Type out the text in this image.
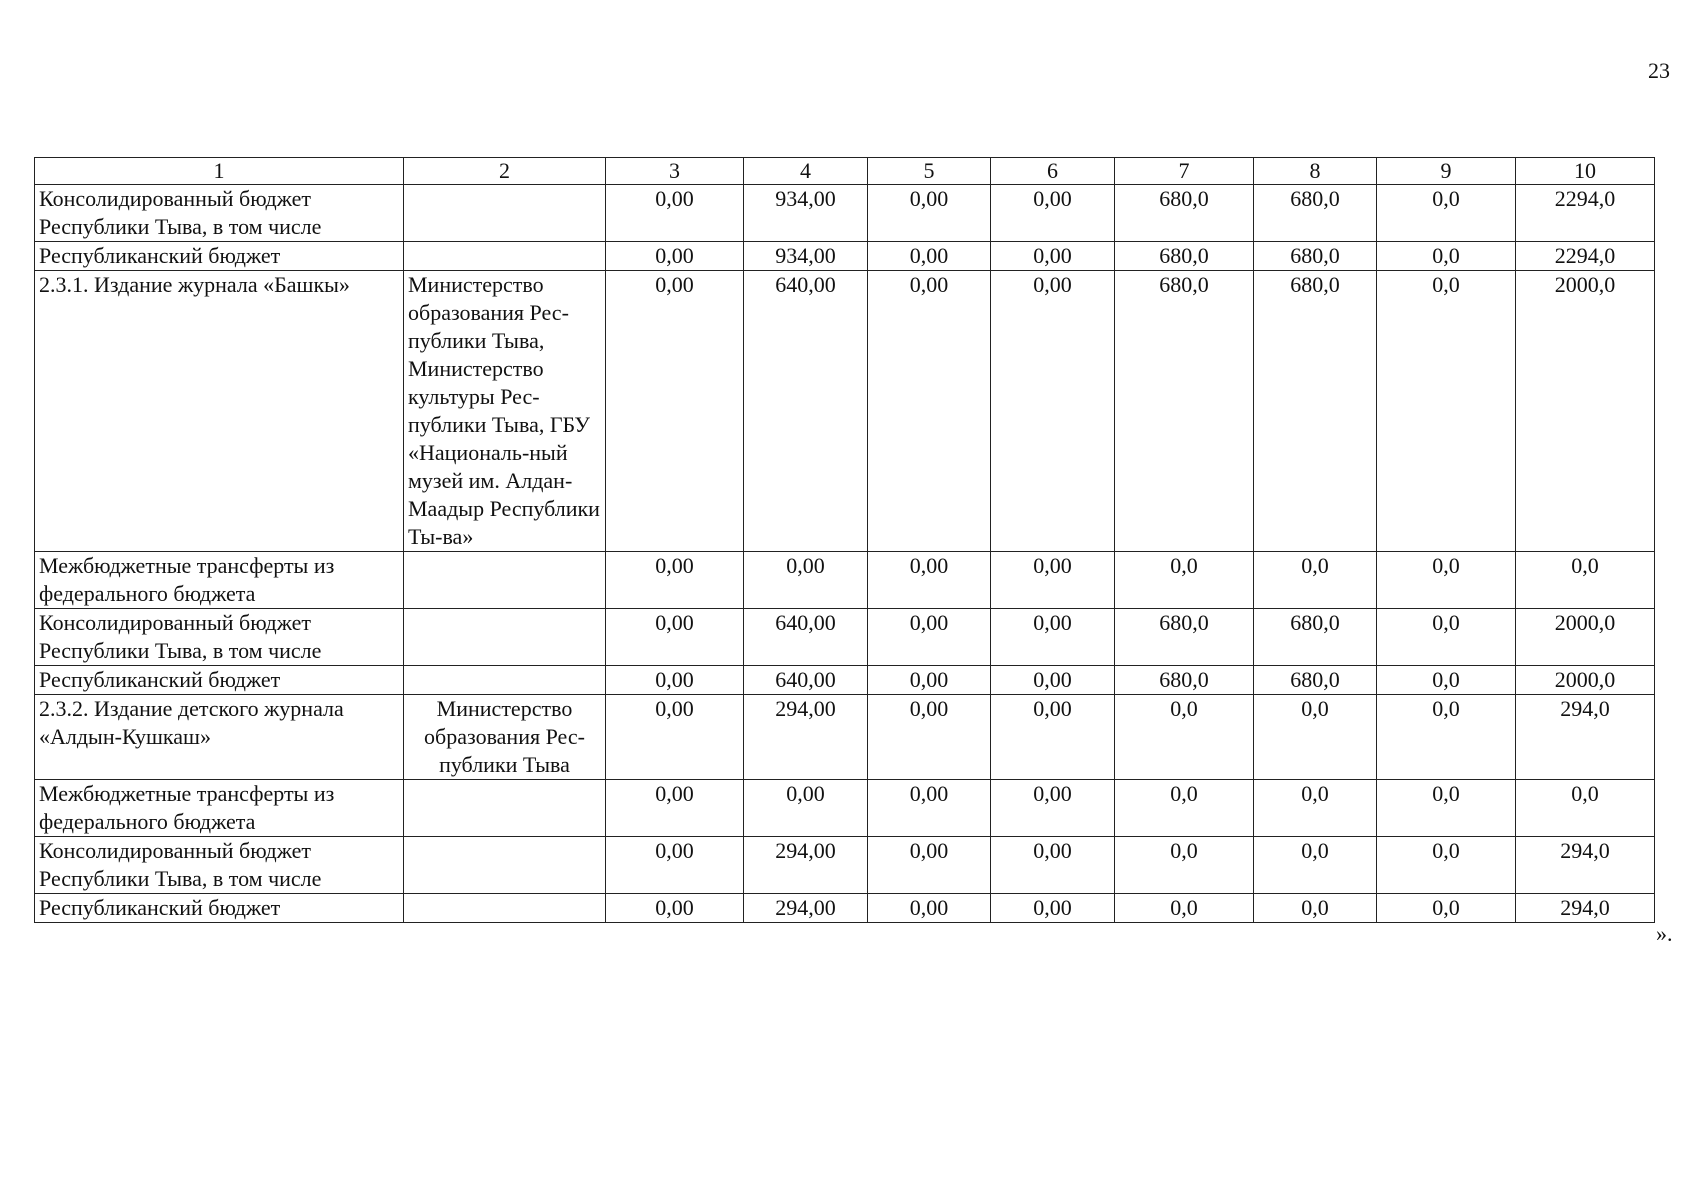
23
1	2	3	4	5	6	7	8	9	10
Консолидированный бюджет Республики Тыва, в том числе		0,00	934,00	0,00	0,00	680,0	680,0	0,0	2294,0
Республиканский бюджет		0,00	934,00	0,00	0,00	680,0	680,0	0,0	2294,0
2.3.1. Издание журнала «Башкы»	Министерство образования Рес-публики Тыва, Министерство культуры Рес-публики Тыва, ГБУ «Националь-ный музей им. Алдан-Маадыр Республики Ты-ва»	0,00	640,00	0,00	0,00	680,0	680,0	0,0	2000,0
Межбюджетные трансферты из федерального бюджета		0,00	0,00	0,00	0,00	0,0	0,0	0,0	0,0
Консолидированный бюджет Республики Тыва, в том числе		0,00	640,00	0,00	0,00	680,0	680,0	0,0	2000,0
Республиканский бюджет		0,00	640,00	0,00	0,00	680,0	680,0	0,0	2000,0
2.3.2. Издание детского журнала «Алдын-Кушкаш»	Министерство образования Рес-публики Тыва	0,00	294,00	0,00	0,00	0,0	0,0	0,0	294,0
Межбюджетные трансферты из федерального бюджета		0,00	0,00	0,00	0,00	0,0	0,0	0,0	0,0
Консолидированный бюджет Республики Тыва, в том числе		0,00	294,00	0,00	0,00	0,0	0,0	0,0	294,0
Республиканский бюджет		0,00	294,00	0,00	0,00	0,0	0,0	0,0	294,0
».
